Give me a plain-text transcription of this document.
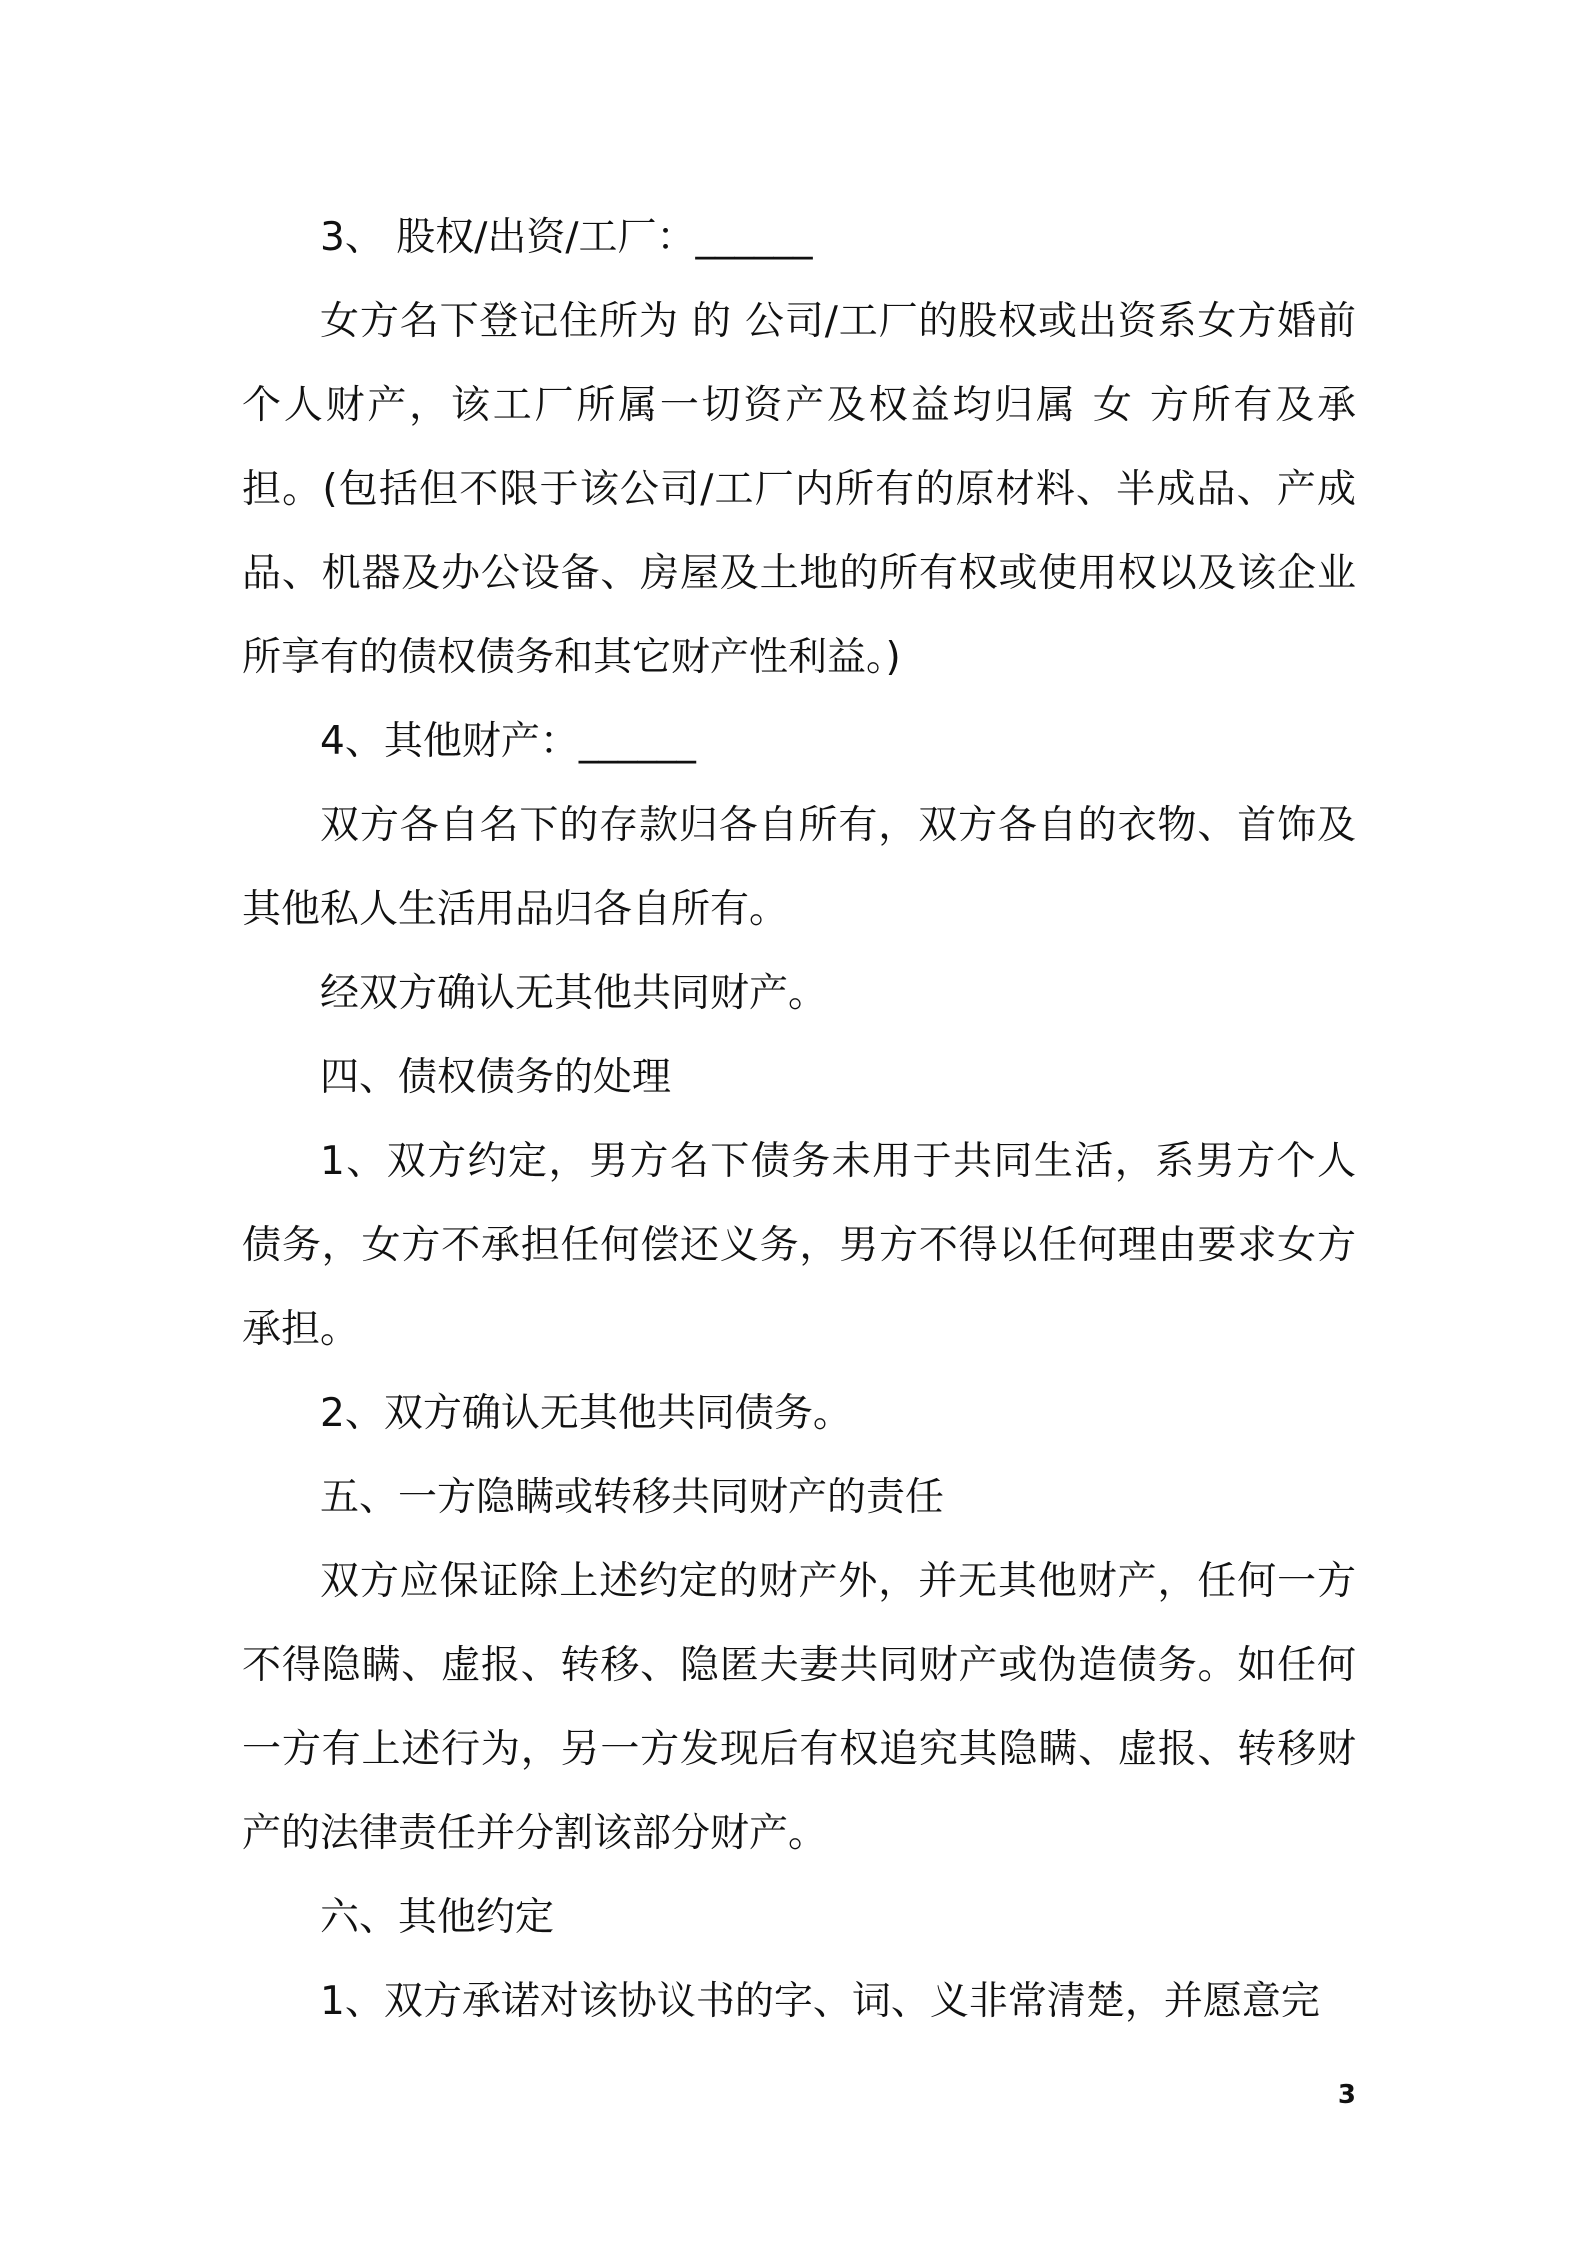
3、 股权/出资/工厂：______

女方名下登记住所为 的 公司/工厂的股权或出资系女方婚前个人财产，该工厂所属一切资产及权益均归属 女 方所有及承担。(包括但不限于该公司/工厂内所有的原材料、半成品、产成品、机器及办公设备、房屋及土地的所有权或使用权以及该企业所享有的债权债务和其它财产性利益。)

4、其他财产：______

双方各自名下的存款归各自所有，双方各自的衣物、首饰及其他私人生活用品归各自所有。

经双方确认无其他共同财产。

四、债权债务的处理

1、双方约定，男方名下债务未用于共同生活，系男方个人债务，女方不承担任何偿还义务，男方不得以任何理由要求女方承担。

2、双方确认无其他共同债务。

五、一方隐瞒或转移共同财产的责任

双方应保证除上述约定的财产外，并无其他财产，任何一方不得隐瞒、虚报、转移、隐匿夫妻共同财产或伪造债务。如任何一方有上述行为，另一方发现后有权追究其隐瞒、虚报、转移财产的法律责任并分割该部分财产。

六、其他约定

1、双方承诺对该协议书的字、词、义非常清楚，并愿意完

3
